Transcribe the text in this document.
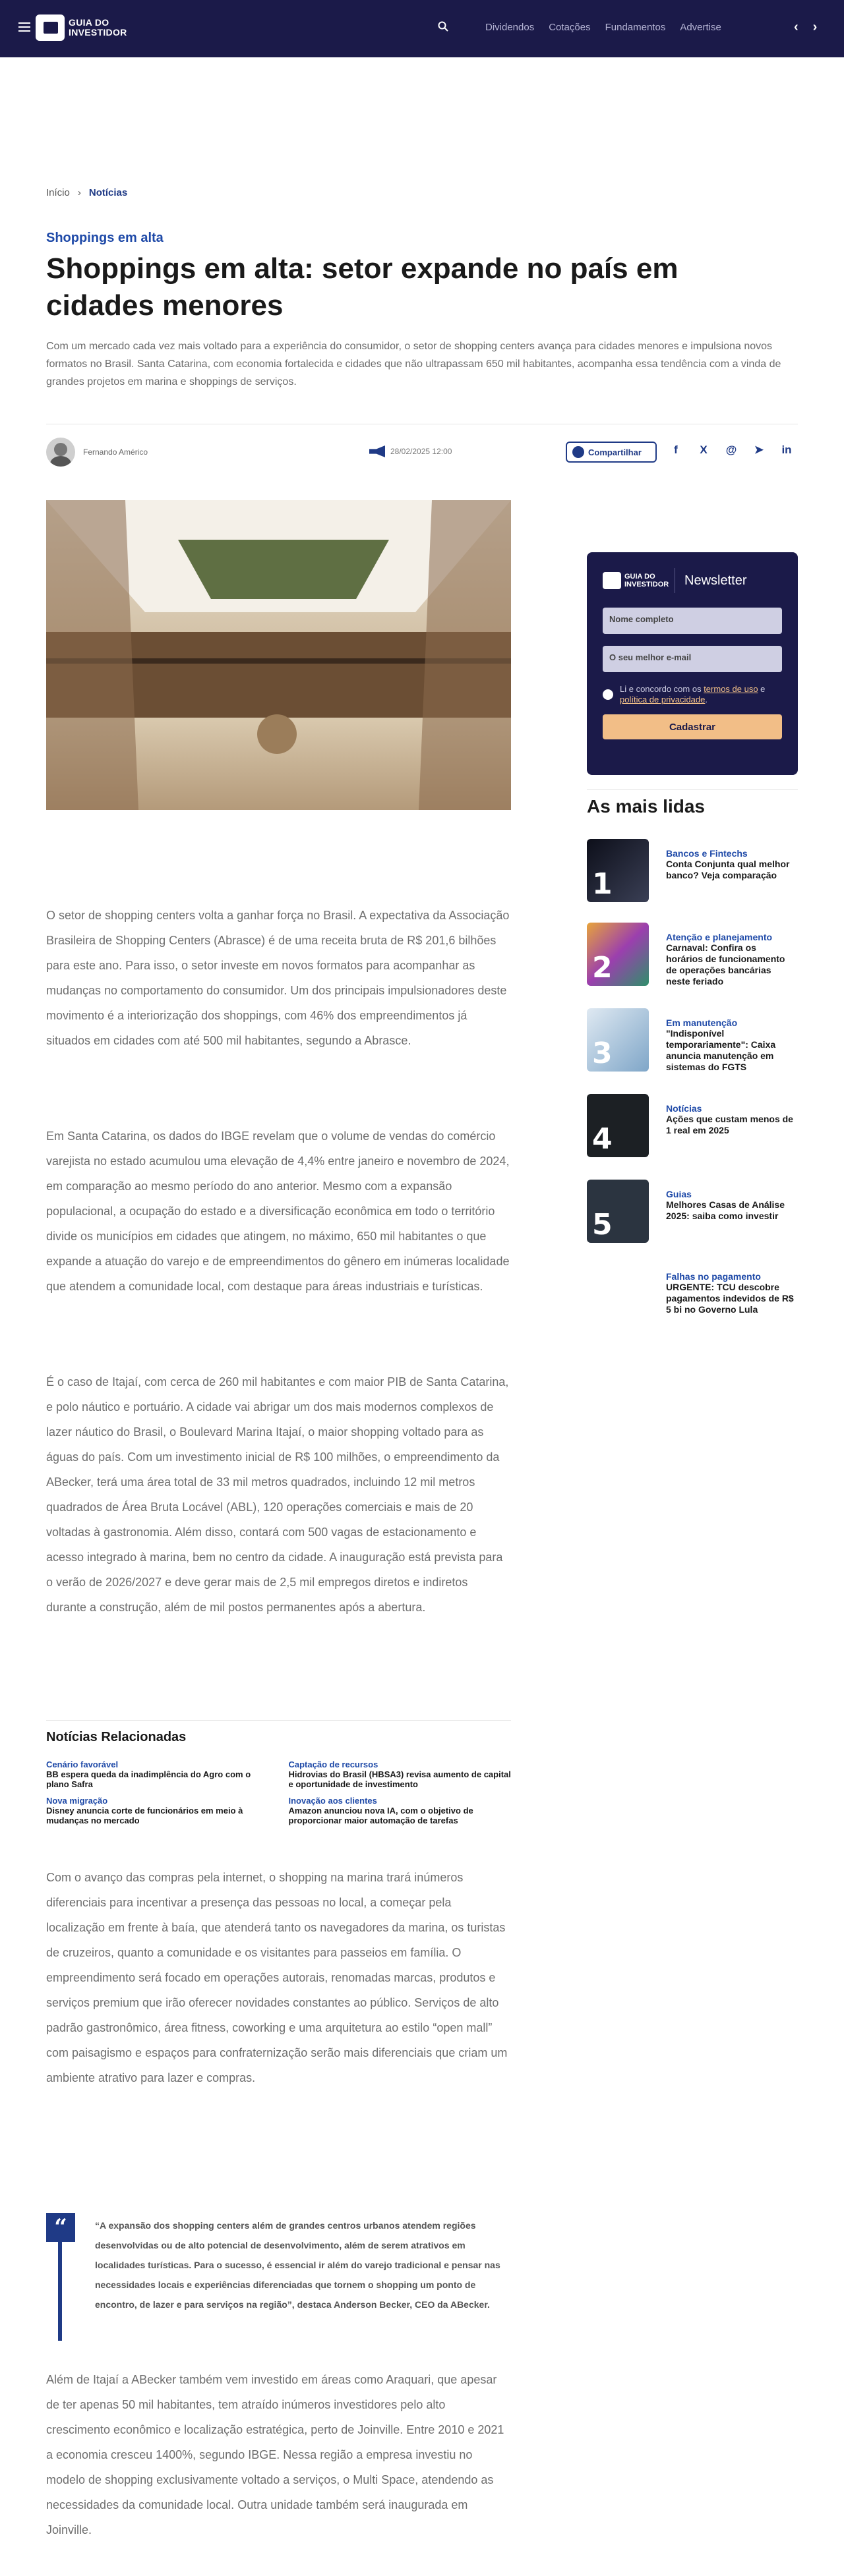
GUIA DO
INVESTIDOR	Dividendos Cotações Fundamentos Advertise	‹ ›
Início › Notícias
Shoppings em alta
Shoppings em alta: setor expande no país em cidades menores

Com um mercado cada vez mais voltado para a experiência do consumidor, o setor de shopping centers avança para cidades menores e impulsiona novos formatos no Brasil. Santa Catarina, com economia fortalecida e cidades que não ultrapassam 650 mil habitantes, acompanha essa tendência com a vinda de grandes projetos em marina e shoppings de serviços.

Fernando Américo	28/02/2025 12:00	Compartilhar	f	X	@ ➤ in

O setor de shopping centers volta a ganhar força no Brasil. A expectativa da Associação Brasileira de Shopping Centers (Abrasce) é de uma receita bruta de R$ 201,6 bilhões para este ano. Para isso, o setor investe em novos formatos para acompanhar as mudanças no comportamento do consumidor. Um dos principais impulsionadores deste movimento é a interiorização dos shoppings, com 46% dos empreendimentos já situados em cidades com até 500 mil habitantes, segundo a Abrasce.

Em Santa Catarina, os dados do IBGE revelam que o volume de vendas do comércio varejista no estado acumulou uma elevação de 4,4% entre janeiro e novembro de 2024, em comparação ao mesmo período do ano anterior. Mesmo com a expansão populacional, a ocupação do estado e a diversificação econômica em todo o território divide os municípios em cidades que atingem, no máximo, 650 mil habitantes o que expande a atuação do varejo e de empreendimentos do gênero em inúmeras localidade que atendem a comunidade local, com destaque para áreas industriais e turísticas.

É o caso de Itajaí, com cerca de 260 mil habitantes e com maior PIB de Santa Catarina, e polo náutico e portuário. A cidade vai abrigar um dos mais modernos complexos de lazer náutico do Brasil, o Boulevard Marina Itajaí, o maior shopping voltado para as águas do país. Com um investimento inicial de R$ 100 milhões, o empreendimento da ABecker, terá uma área total de 33 mil metros quadrados, incluindo 12 mil metros quadrados de Área Bruta Locável (ABL), 120 operações comerciais e mais de 20 voltadas à gastronomia. Além disso, contará com 500 vagas de estacionamento e acesso integrado à marina, bem no centro da cidade. A inauguração está prevista para o verão de 2026/2027 e deve gerar mais de 2,5 mil empregos diretos e indiretos durante a construção, além de mil postos permanentes após a abertura.

Notícias Relacionadas
Cenário favorável
BB espera queda da inadimplência do Agro com o plano Safra
Captação de recursos
Hidrovias do Brasil (HBSA3) revisa aumento de capital e oportunidade de investimento
Nova migração
Disney anuncia corte de funcionários em meio à mudanças no mercado
Inovação aos clientes
Amazon anunciou nova IA, com o objetivo de proporcionar maior automação de tarefas

Com o avanço das compras pela internet, o shopping na marina trará inúmeros diferenciais para incentivar a presença das pessoas no local, a começar pela localização em frente à baía, que atenderá tanto os navegadores da marina, os turistas de cruzeiros, quanto a comunidade e os visitantes para passeios em família. O empreendimento será focado em operações autorais, renomadas marcas, produtos e serviços premium que irão oferecer novidades constantes ao público. Serviços de alto padrão gastronômico, área fitness, coworking e uma arquitetura ao estilo “open mall” com paisagismo e espaços para confraternização serão mais diferenciais que criam um ambiente atrativo para lazer e compras.

“	“A expansão dos shopping centers além de grandes centros urbanos atendem regiões desenvolvidas ou de alto potencial de desenvolvimento, além de serem atrativos em localidades turísticas. Para o sucesso, é essencial ir além do varejo tradicional e pensar nas necessidades locais e experiências diferenciadas que tornem o shopping um ponto de encontro, de lazer e para serviços na região”, destaca Anderson Becker, CEO da ABecker.

Além de Itajaí a ABecker também vem investido em áreas como Araquari, que apesar de ter apenas 50 mil habitantes, tem atraído inúmeros investidores pelo alto crescimento econômico e localização estratégica, perto de Joinville. Entre 2010 e 2021 a economia cresceu 1400%, segundo IBGE. Nessa região a empresa investiu no modelo de shopping exclusivamente voltado a serviços, o Multi Space, atendendo as necessidades da comunidade local. Outra unidade também será inaugurada em Joinville.

GUIA DO
INVESTIDOR Newsletter
Nome completo
O seu melhor e-mail
Li e concordo com os termos de uso e política de privacidade.
Cadastrar
As mais lidas
1
Bancos e Fintechs
Conta Conjunta qual melhor banco? Veja comparação
2
Atenção e planejamento
Carnaval: Confira os horários de funcionamento de operações bancárias neste feriado
3
Em manutenção
"Indisponível temporariamente": Caixa anuncia manutenção em sistemas do FGTS
4
Notícias
Ações que custam menos de 1 real em 2025
5
Guias
Melhores Casas de Análise 2025: saiba como investir
6
Falhas no pagamento
URGENTE: TCU descobre pagamentos indevidos de R$ 5 bi no Governo Lula
